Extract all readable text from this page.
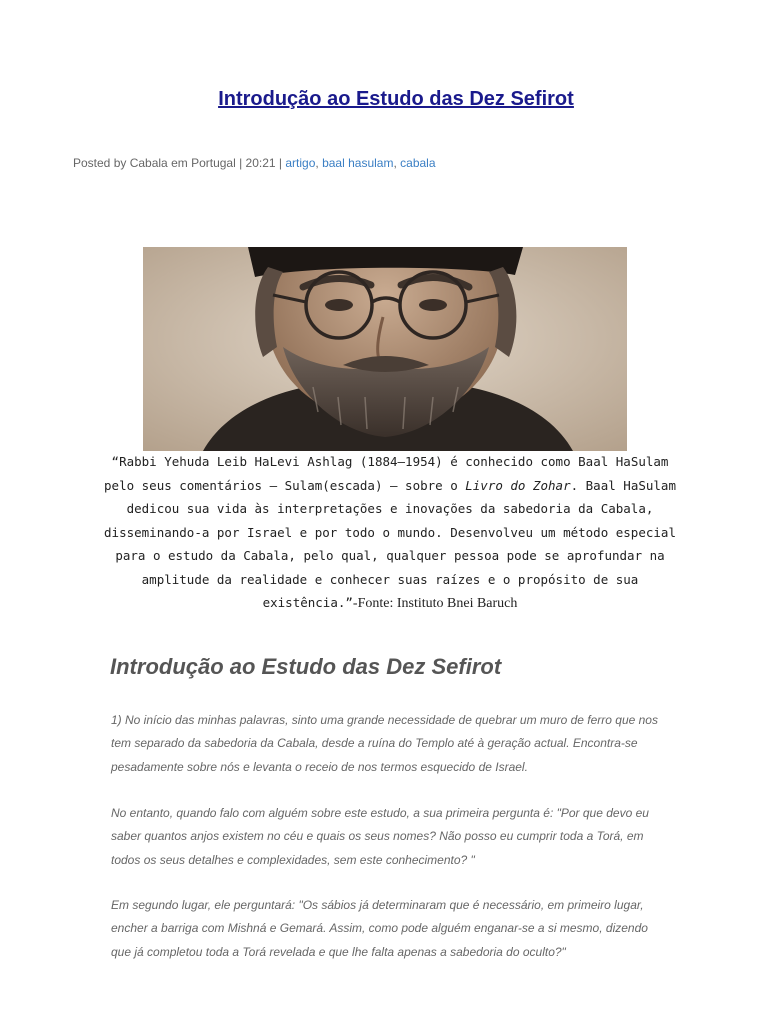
Introdução ao Estudo das Dez Sefirot
Posted by Cabala em Portugal | 20:21 | artigo, baal hasulam, cabala
“Rabbi Yehuda Leib HaLevi Ashlag (1884–1954) é conhecido como Baal HaSulam pelo seus comentários – Sulam(escada) – sobre o Livro do Zohar. Baal HaSulam dedicou sua vida às interpretações e inovações da sabedoria da Cabala, disseminando-a por Israel e por todo o mundo. Desenvolveu um método especial para o estudo da Cabala, pelo qual, qualquer pessoa pode se aprofundar na amplitude da realidade e conhecer suas raízes e o propósito de sua existência.”-Fonte: Instituto Bnei Baruch
Introdução ao Estudo das Dez Sefirot

1) No início das minhas palavras, sinto uma grande necessidade de quebrar um muro de ferro que nos tem separado da sabedoria da Cabala, desde a ruína do Templo até à geração actual. Encontra-se pesadamente sobre nós e levanta o receio de nos termos esquecido de Israel.

No entanto, quando falo com alguém sobre este estudo, a sua primeira pergunta é: "Por que devo eu saber quantos anjos existem no céu e quais os seus nomes? Não posso eu cumprir toda a Torá, em todos os seus detalhes e complexidades, sem este conhecimento? "

Em segundo lugar, ele perguntará: "Os sábios já determinaram que é necessário, em primeiro lugar, encher a barriga com Mishná e Gemará. Assim, como pode alguém enganar-se a si mesmo, dizendo que já completou toda a Torá revelada e que lhe falta apenas a sabedoria do oculto?"
